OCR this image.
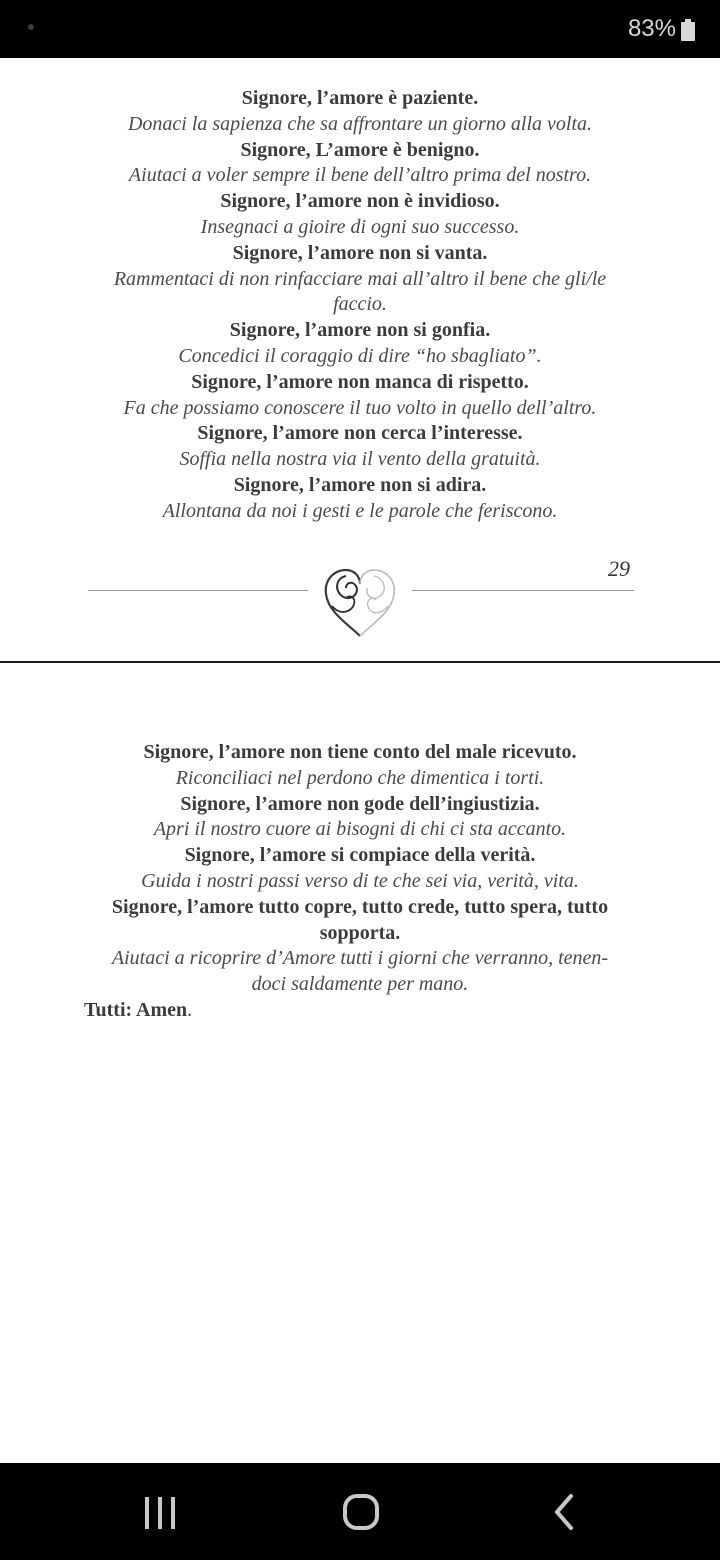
83%
Signore, l’amore è paziente.
Donaci la sapienza che sa affrontare un giorno alla volta.
Signore, L’amore è benigno.
Aiutaci a voler sempre il bene dell’altro prima del nostro.
Signore, l’amore non è invidioso.
Insegnaci a gioire di ogni suo successo.
Signore, l’amore non si vanta.
Rammentaci di non rinfacciare mai all’altro il bene che gli/le
faccio.
Signore, l’amore non si gonfia.
Concedici il coraggio di dire “ho sbagliato”.
Signore, l’amore non manca di rispetto.
Fa che possiamo conoscere il tuo volto in quello dell’altro.
Signore, l’amore non cerca l’interesse.
Soffia nella nostra via il vento della gratuità.
Signore, l’amore non si adira.
Allontana da noi i gesti e le parole che feriscono.
29
Signore, l’amore non tiene conto del male ricevuto.
Riconciliaci nel perdono che dimentica i torti.
Signore, l’amore non gode dell’ingiustizia.
Apri il nostro cuore ai bisogni di chi ci sta accanto.
Signore, l’amore si compiace della verità.
Guida i nostri passi verso di te che sei via, verità, vita.
Signore, l’amore tutto copre, tutto crede, tutto spera, tutto
sopporta.
Aiutaci a ricoprire d’Amore tutti i giorni che verranno, tenen-
doci saldamente per mano.
Tutti: Amen.
